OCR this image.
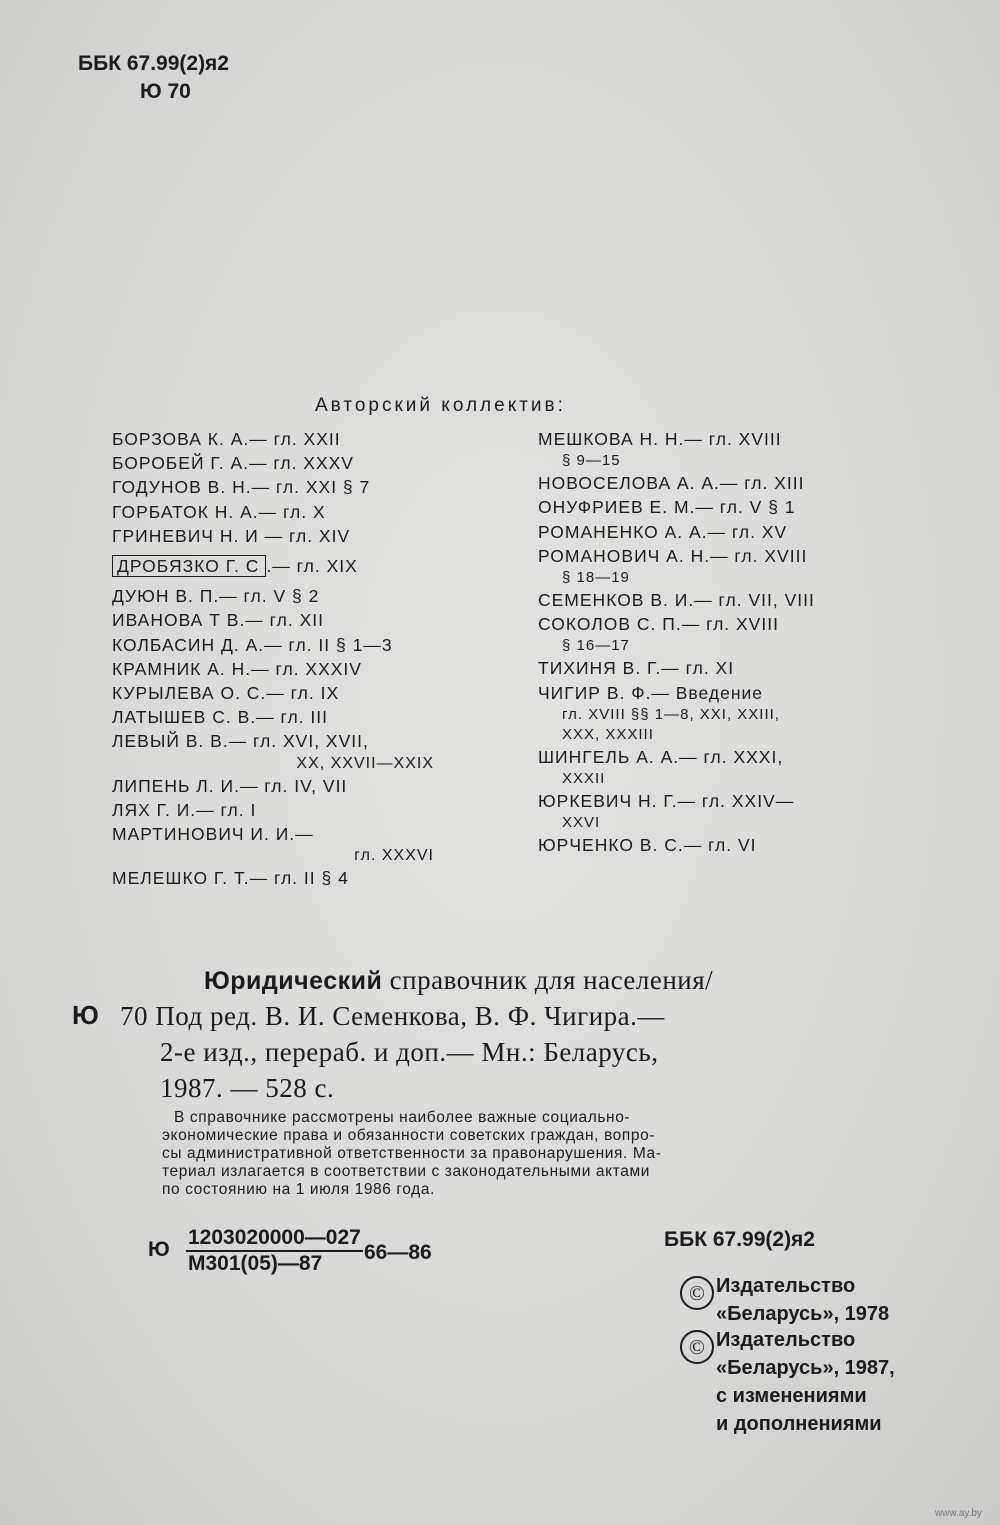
ББК 67.99(2)я2
Ю 70
Авторский коллектив:
БОРЗОВА К. А.— гл. XXII
БОРОБЕЙ Г. А.— гл. XXXV
ГОДУНОВ В. Н.— гл. XXI § 7
ГОРБАТОК Н. А.— гл. X
ГРИНЕВИЧ Н. И — гл. XIV
ДРОБЯЗКО Г. С .— гл. XIX
ДУЮН В. П.— гл. V § 2
ИВАНОВА Т В.— гл. XII
КОЛБАСИН Д. А.— гл. II § 1—3
КРАМНИК А. Н.— гл. XXXIV
КУРЫЛЕВА О. С.— гл. IX
ЛАТЫШЕВ С. В.— гл. III
ЛЕВЫЙ В. В.— гл. XVI, XVII,
XX, XXVII—XXIX
ЛИПЕНЬ Л. И.— гл. IV, VII
ЛЯХ Г. И.— гл. I
МАРТИНОВИЧ И. И.—
гл. XXXVI
МЕЛЕШКО Г. Т.— гл. II § 4
МЕШКОВА Н. Н.— гл. XVIII
§ 9—15
НОВОСЕЛОВА А. А.— гл. XIII
ОНУФРИЕВ Е. М.— гл. V § 1
РОМАНЕНКО А. А.— гл. XV
РОМАНОВИЧ А. Н.— гл. XVIII
§ 18—19
СЕМЕНКОВ В. И.— гл. VII, VIII
СОКОЛОВ С. П.— гл. XVIII
§ 16—17
ТИХИНЯ В. Г.— гл. XI
ЧИГИР В. Ф.— Введение
гл. XVIII §§ 1—8, XXI, XXIII,
XXX, XXXIII
ШИНГЕЛЬ А. А.— гл. XXXI,
XXXII
ЮРКЕВИЧ Н. Г.— гл. XXIV—
XXVI
ЮРЧЕНКО В. С.— гл. VI
Юридический справочник для населения/
Ю 70 Под ред. В. И. Семенкова, В. Ф. Чигира.—
2-е изд., перераб. и доп.— Мн.: Беларусь,
1987. — 528 с.
В справочнике рассмотрены наиболее важные социально-
экономические права и обязанности советских граждан, вопро-
сы административной ответственности за правонарушения. Ма-
териал излагается в соответствии с законодательными актами
по состоянию на 1 июля 1986 года.
Ю
1203020000—027
М301(05)—87	66—86
ББК 67.99(2)я2
© Издательство
«Беларусь», 1978
© Издательство
«Беларусь», 1987,
с изменениями
и дополнениями
www.ay.by
